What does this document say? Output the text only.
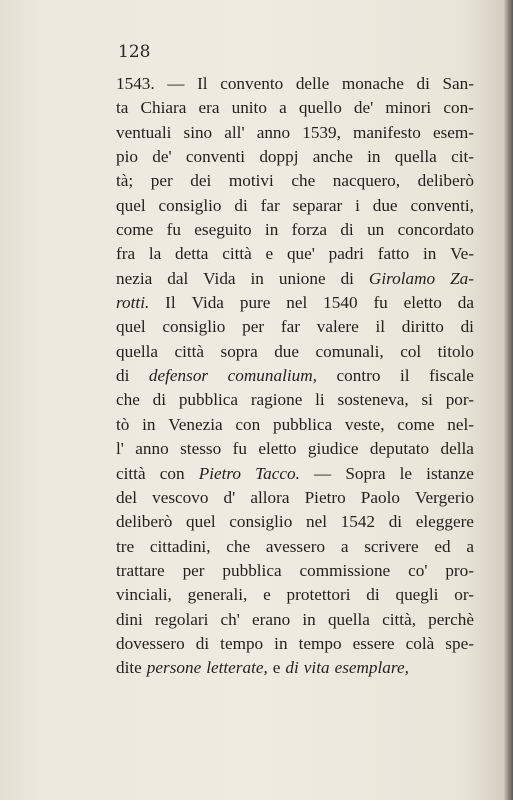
128
1543. — Il convento delle monache di San-
ta Chiara era unito a quello de' minori con-
ventuali sino all' anno 1539, manifesto esem-
pio de' conventi doppj anche in quella cit-
tà; per dei motivi che nacquero, deliberò
quel consiglio di far separar i due conventi,
come fu eseguito in forza di un concordato
fra la detta città e que' padri fatto in Ve-
nezia dal Vida in unione di Girolamo Za-
rotti. Il Vida pure nel 1540 fu eletto da
quel consiglio per far valere il diritto di
quella città sopra due comunali, col titolo
di defensor comunalium, contro il fiscale
che di pubblica ragione li sosteneva, si por-
tò in Venezia con pubblica veste, come nel-
l' anno stesso fu eletto giudice deputato della
città con Pietro Tacco. — Sopra le istanze
del vescovo d' allora Pietro Paolo Vergerio
deliberò quel consiglio nel 1542 di eleggere
tre cittadini, che avessero a scrivere ed a
trattare per pubblica commissione co' pro-
vinciali, generali, e protettori di quegli or-
dini regolari ch' erano in quella città, perchè
dovessero di tempo in tempo essere colà spe-
dite persone letterate, e di vita esemplare,
